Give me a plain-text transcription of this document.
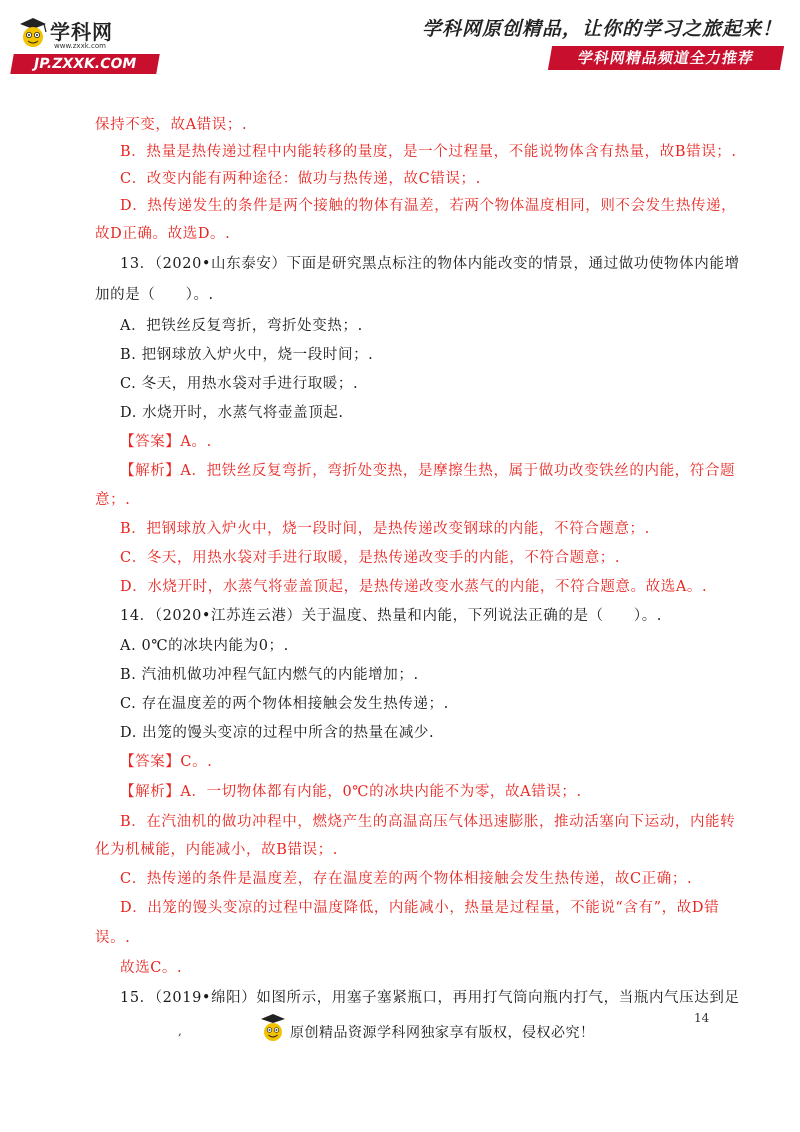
学科网
www.zxxk.com
JP.ZXXK.COM
学科网原创精品，让你的学习之旅起来！
学科网精品频道全力推荐
保持不变，故A错误；.
B．热量是热传递过程中内能转移的量度，是一个过程量，不能说物体含有热量，故B错误；.
C．改变内能有两种途径：做功与热传递，故C错误；.
D．热传递发生的条件是两个接触的物体有温差，若两个物体温度相同，则不会发生热传递，
故D正确。故选D。.
13．（2020•山东泰安）下面是研究黑点标注的物体内能改变的情景，通过做功使物体内能增
加的是（　　）。.
A．把铁丝反复弯折，弯折处变热；.
B. 把钢球放入炉火中，烧一段时间；.
C. 冬天，用热水袋对手进行取暖；.
D. 水烧开时，水蒸气将壶盖顶起.
【答案】A。.
【解析】A．把铁丝反复弯折，弯折处变热，是摩擦生热，属于做功改变铁丝的内能，符合题
意；.
B．把钢球放入炉火中，烧一段时间，是热传递改变钢球的内能，不符合题意；.
C．冬天，用热水袋对手进行取暖，是热传递改变手的内能，不符合题意；.
D．水烧开时，水蒸气将壶盖顶起，是热传递改变水蒸气的内能，不符合题意。故选A。.
14．（2020•江苏连云港）关于温度、热量和内能，下列说法正确的是（　　）。.
A. 0℃的冰块内能为0；.
B. 汽油机做功冲程气缸内燃气的内能增加；.
C. 存在温度差的两个物体相接触会发生热传递；.
D. 出笼的馒头变凉的过程中所含的热量在减少.
【答案】C。.
【解析】A．一切物体都有内能，0℃的冰块内能不为零，故A错误；.
B．在汽油机的做功冲程中，燃烧产生的高温高压气体迅速膨胀，推动活塞向下运动，内能转
化为机械能，内能减小，故B错误；.
C．热传递的条件是温度差，存在温度差的两个物体相接触会发生热传递，故C正确；.
D．出笼的馒头变凉的过程中温度降低，内能减小，热量是过程量，不能说“含有”，故D错
误。.
故选C。.
15．（2019•绵阳）如图所示，用塞子塞紧瓶口，再用打气筒向瓶内打气，当瓶内气压达到足
,	原创精品资源学科网独家享有版权，侵权必究！
14
